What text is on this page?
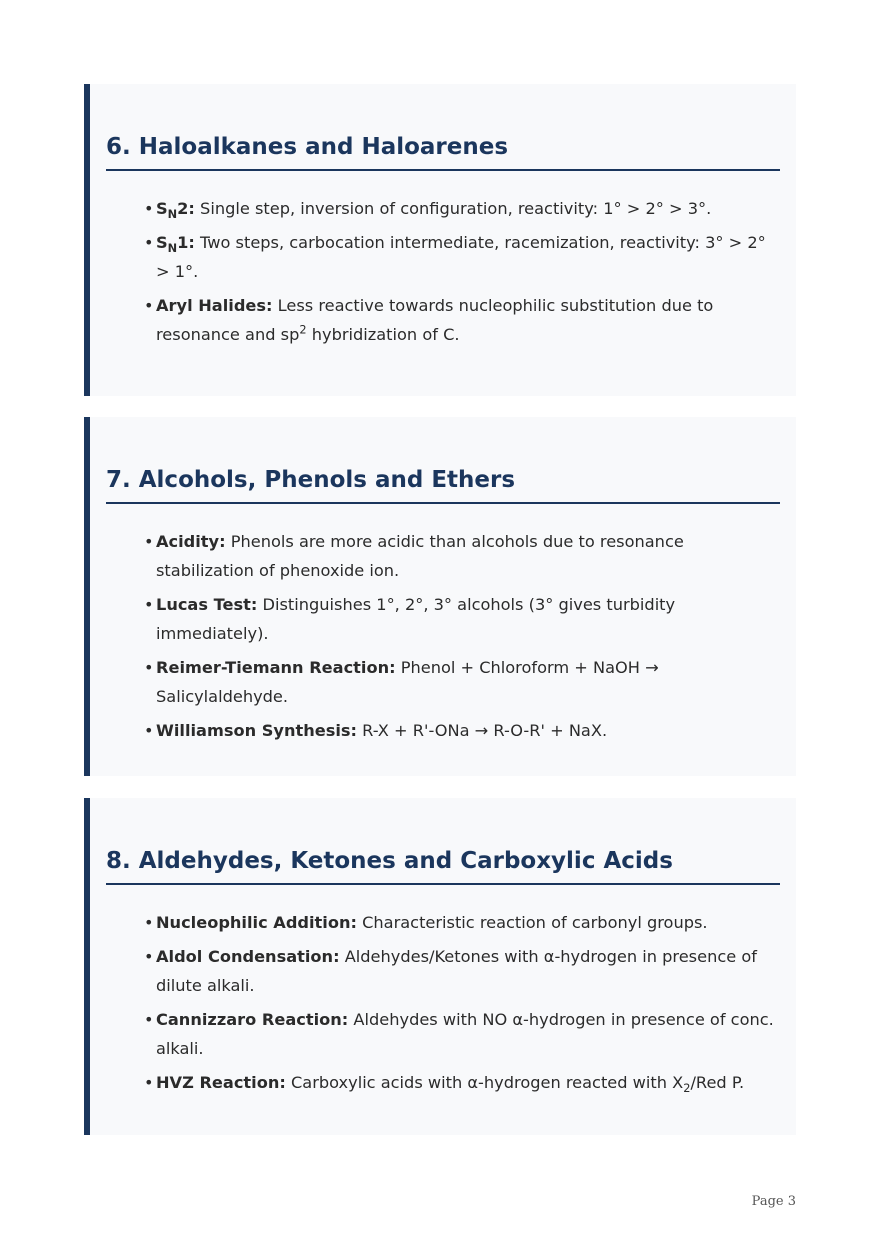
6. Haloalkanes and Haloarenes
• $S_N2$: Single step, inversion of configuration, reactivity: 1° > 2° > 3°.
• $S_N1$: Two steps, carbocation intermediate, racemization, reactivity: 3° > 2° > 1°.
• Aryl Halides: Less reactive towards nucleophilic substitution due to resonance and $sp^2$ hybridization of C.
7. Alcohols, Phenols and Ethers
• Acidity: Phenols are more acidic than alcohols due to resonance stabilization of phenoxide ion.
• Lucas Test: Distinguishes 1°, 2°, 3° alcohols (3° gives turbidity immediately).
• Reimer-Tiemann Reaction: Phenol + Chloroform + NaOH → Salicylaldehyde.
• Williamson Synthesis: R-X + R'-ONa → R-O-R' + NaX.
8. Aldehydes, Ketones and Carboxylic Acids
• Nucleophilic Addition: Characteristic reaction of carbonyl groups.
• Aldol Condensation: Aldehydes/Ketones with α-hydrogen in presence of dilute alkali.
• Cannizzaro Reaction: Aldehydes with NO α-hydrogen in presence of conc. alkali.
• HVZ Reaction: Carboxylic acids with α-hydrogen reacted with $X_2$/Red P.
Page 3
